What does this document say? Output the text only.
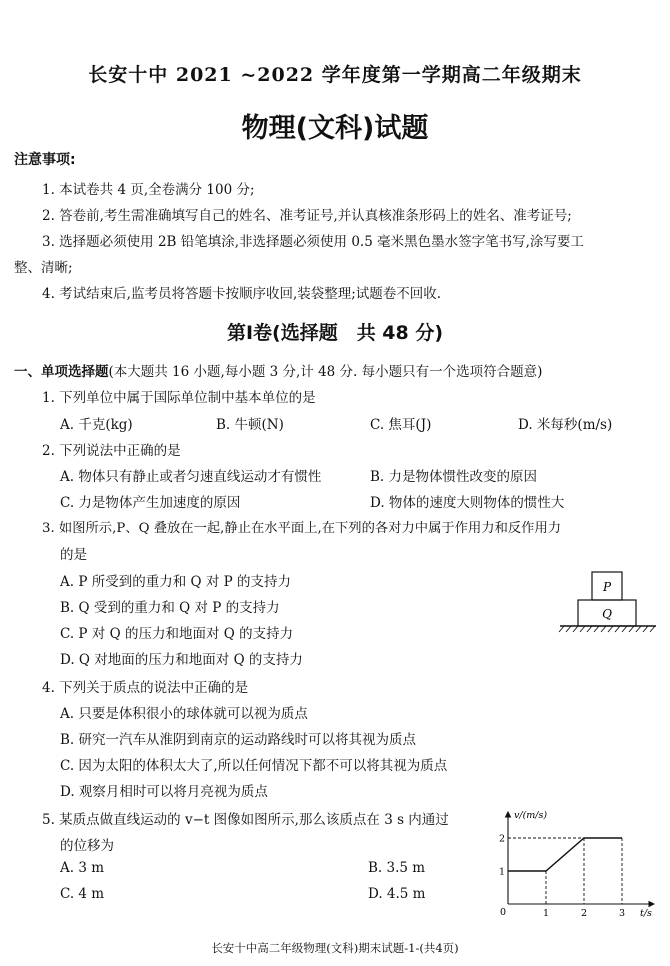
长安十中 2021 ~2022 学年度第一学期高二年级期末
物理(文科)试题
注意事项:
1. 本试卷共 4 页,全卷满分 100 分;
2. 答卷前,考生需准确填写自己的姓名、准考证号,并认真核准条形码上的姓名、准考证号;
3. 选择题必须使用 2B 铅笔填涂,非选择题必须使用 0.5 毫米黑色墨水签字笔书写,涂写要工
整、清晰;
4. 考试结束后,监考员将答题卡按顺序收回,装袋整理;试题卷不回收.
第Ⅰ卷(选择题　共 48 分)
一、单项选择题(本大题共 16 小题,每小题 3 分,计 48 分. 每小题只有一个选项符合题意)
1. 下列单位中属于国际单位制中基本单位的是
A. 千克(kg)	B. 牛顿(N)	C. 焦耳(J)	D. 米每秒(m/s)
2. 下列说法中正确的是
A. 物体只有静止或者匀速直线运动才有惯性	B. 力是物体惯性改变的原因
C. 力是物体产生加速度的原因	D. 物体的速度大则物体的惯性大
3. 如图所示,P、Q 叠放在一起,静止在水平面上,在下列的各对力中属于作用力和反作用力
的是
A. P 所受到的重力和 Q 对 P 的支持力
B. Q 受到的重力和 Q 对 P 的支持力
C. P 对 Q 的压力和地面对 Q 的支持力
D. Q 对地面的压力和地面对 Q 的支持力
P
Q
4. 下列关于质点的说法中正确的是
A. 只要是体积很小的球体就可以视为质点
B. 研究一汽车从淮阴到南京的运动路线时可以将其视为质点
C. 因为太阳的体积太大了,所以任何情况下都不可以将其视为质点
D. 观察月相时可以将月亮视为质点
5. 某质点做直线运动的 v−t 图像如图所示,那么该质点在 3 s 内通过
的位移为
A. 3 m	B. 3.5 m
C. 4 m	D. 4.5 m
v/(m/s)
t/s
0
1
2
1	2	3
长安十中高二年级物理(文科)期末试题-1-(共4页)
